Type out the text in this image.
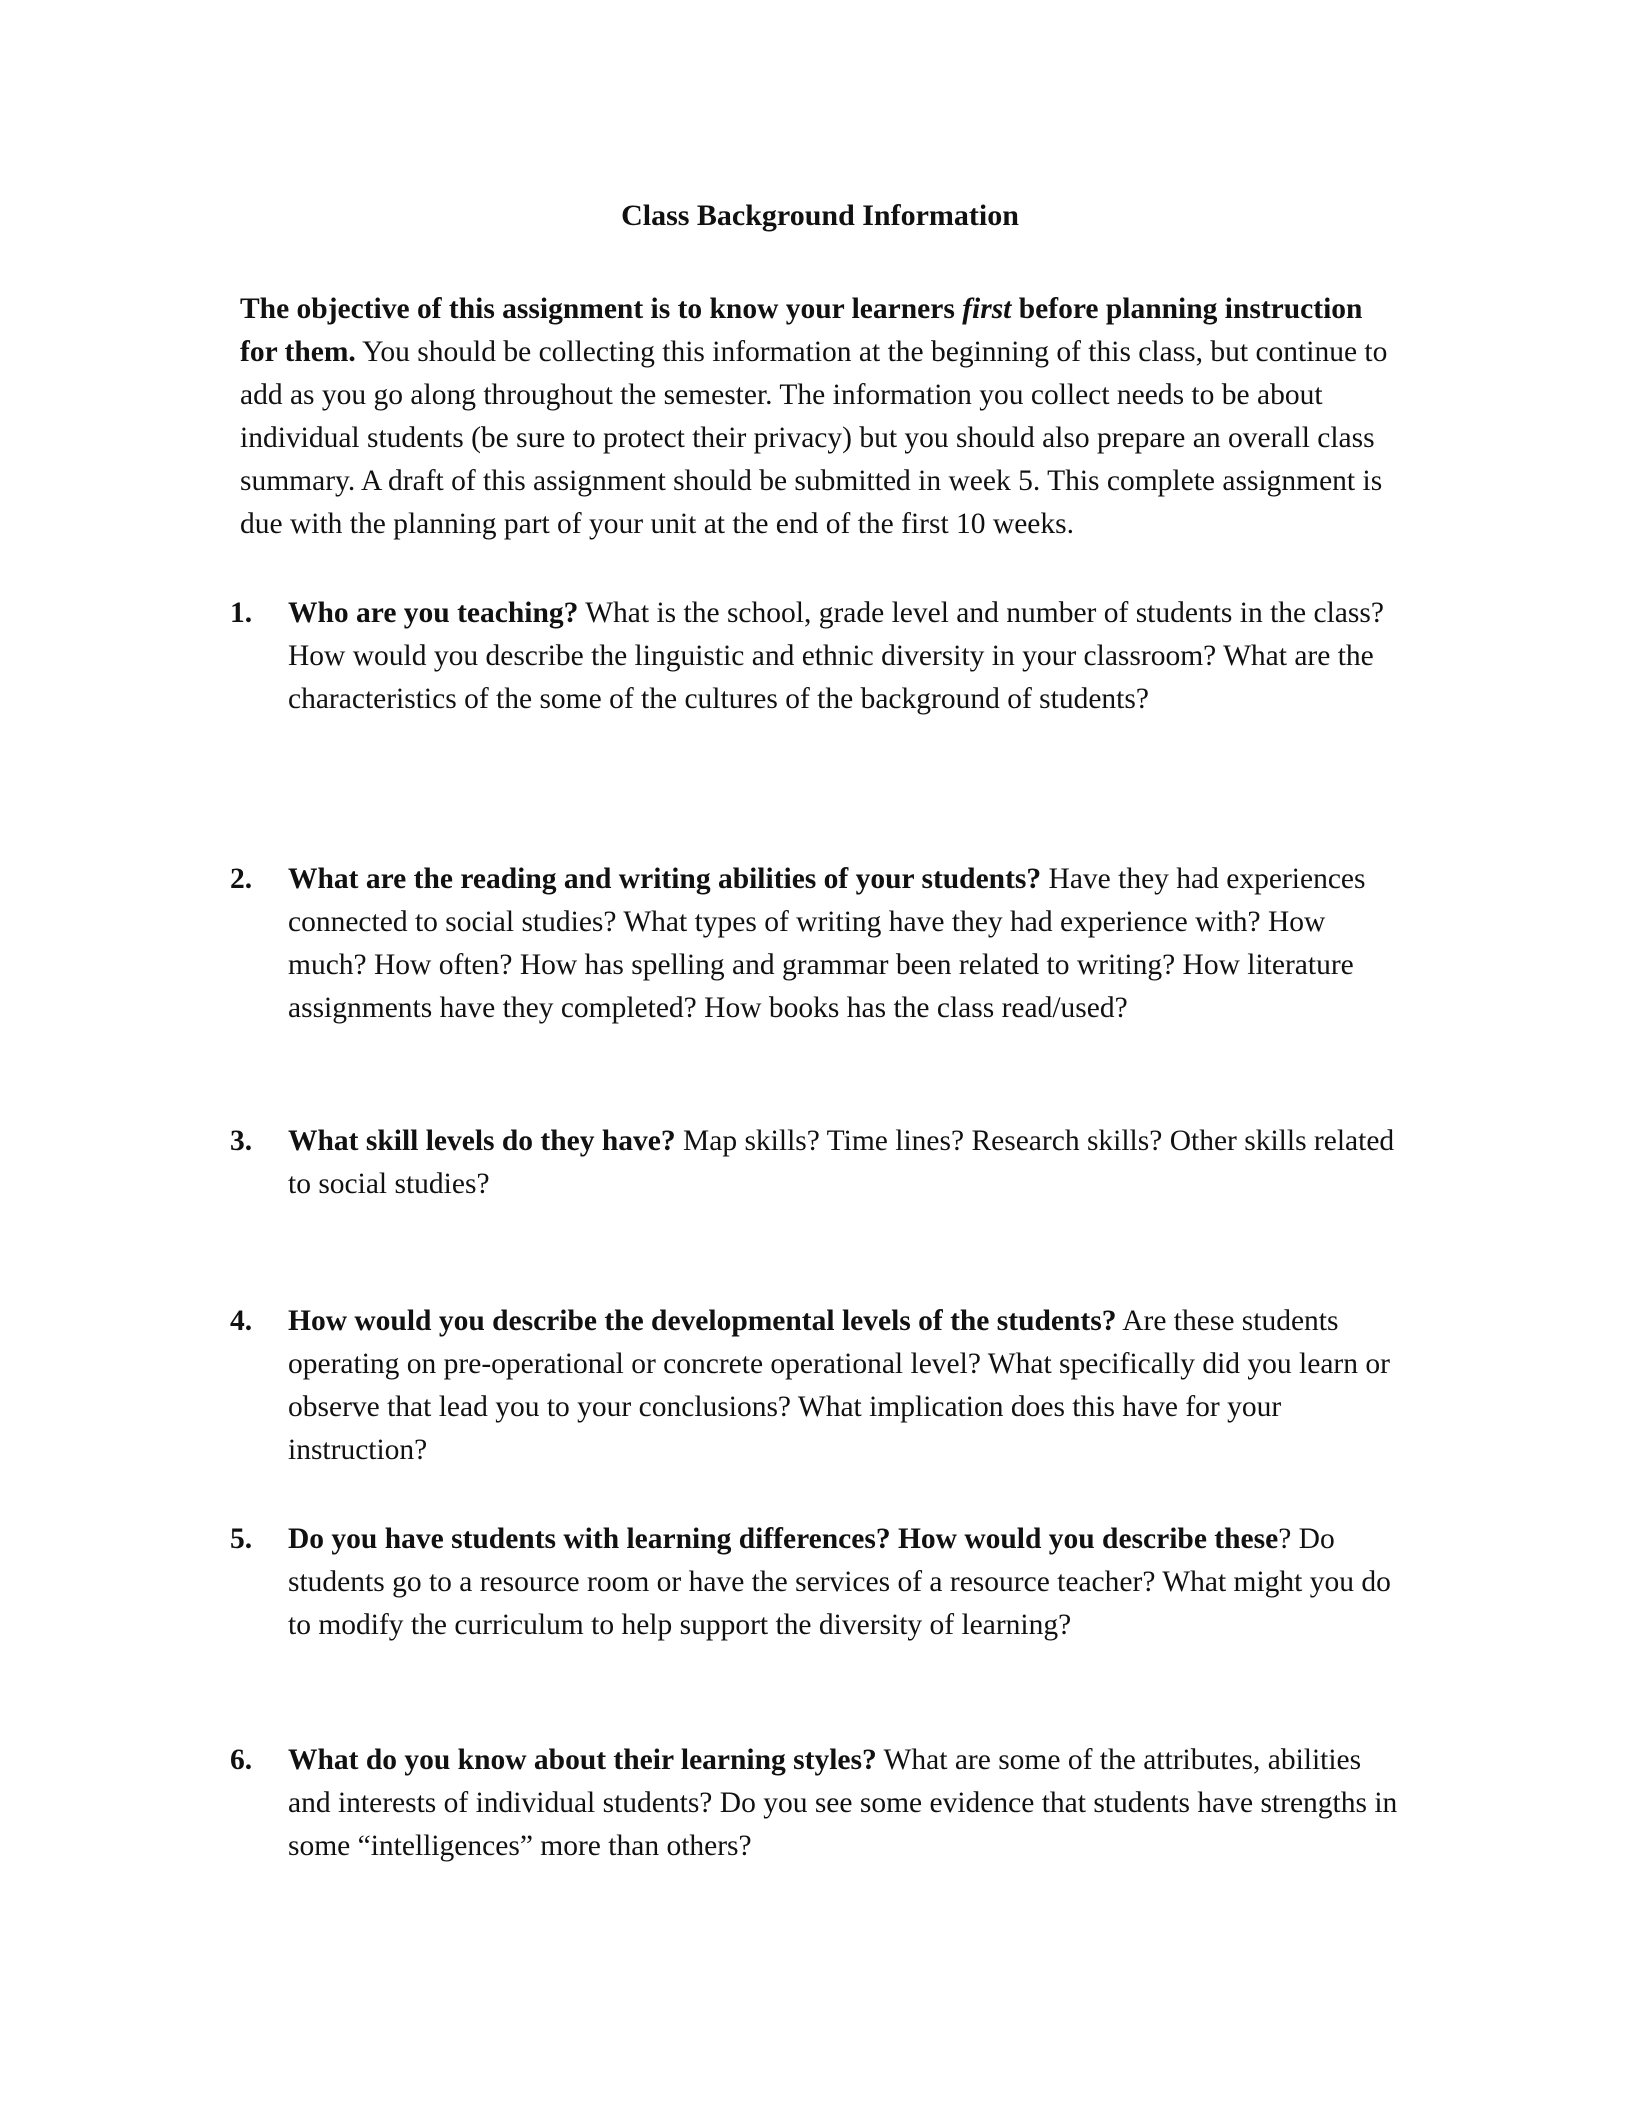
Class Background Information

The objective of this assignment is to know your learners first before planning instruction for them. You should be collecting this information at the beginning of this class, but continue to add as you go along throughout the semester. The information you collect needs to be about individual students (be sure to protect their privacy) but you should also prepare an overall class summary. A draft of this assignment should be submitted in week 5. This complete assignment is due with the planning part of your unit at the end of the first 10 weeks.

1.	Who are you teaching? What is the school, grade level and number of students in the class? How would you describe the linguistic and ethnic diversity in your classroom? What are the characteristics of the some of the cultures of the background of students?
2.	What are the reading and writing abilities of your students? Have they had experiences connected to social studies? What types of writing have they had experience with? How much? How often? How has spelling and grammar been related to writing? How literature assignments have they completed? How books has the class read/used?
3.	What skill levels do they have? Map skills? Time lines? Research skills? Other skills related to social studies?
4.	How would you describe the developmental levels of the students? Are these students operating on pre-operational or concrete operational level? What specifically did you learn or observe that lead you to your conclusions? What implication does this have for your instruction?
5.	Do you have students with learning differences? How would you describe these? Do students go to a resource room or have the services of a resource teacher? What might you do to modify the curriculum to help support the diversity of learning?
6.	What do you know about their learning styles? What are some of the attributes, abilities and interests of individual students? Do you see some evidence that students have strengths in some “intelligences” more than others?
